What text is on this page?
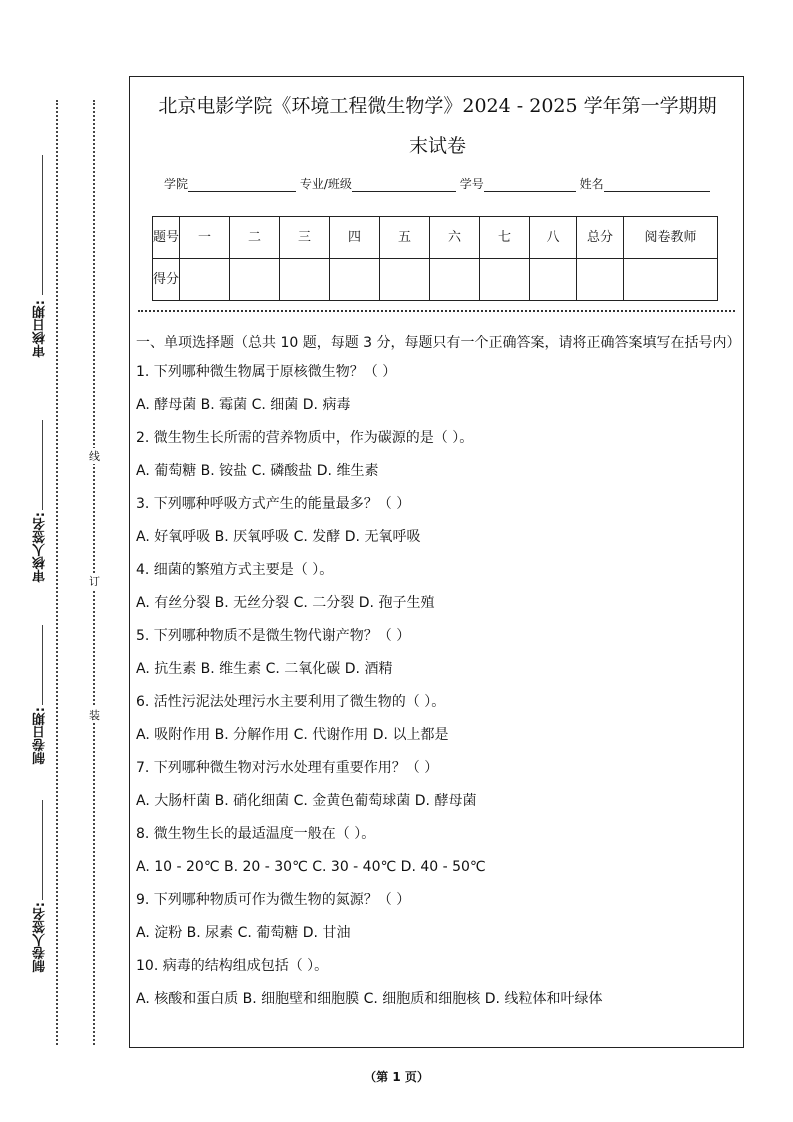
审核日期:
审核人签名:
制卷日期:
制卷人签名:
线
订
装
北京电影学院《环境工程微生物学》2024 - 2025 学年第一学期期
末试卷
学院	专业/班级	学号	姓名
题号	一	二	三	四	五	六	七	八	总分	阅卷教师
得分										

一、单项选择题（总共 10 题，每题 3 分，每题只有一个正确答案，请将正确答案填写在括号内）

1. 下列哪种微生物属于原核微生物？（ ）

A. 酵母菌 B. 霉菌 C. 细菌 D. 病毒

2. 微生物生长所需的营养物质中，作为碳源的是（ ）。

A. 葡萄糖 B. 铵盐 C. 磷酸盐 D. 维生素

3. 下列哪种呼吸方式产生的能量最多？（ ）

A. 好氧呼吸 B. 厌氧呼吸 C. 发酵 D. 无氧呼吸

4. 细菌的繁殖方式主要是（ ）。

A. 有丝分裂 B. 无丝分裂 C. 二分裂 D. 孢子生殖

5. 下列哪种物质不是微生物代谢产物？（ ）

A. 抗生素 B. 维生素 C. 二氧化碳 D. 酒精

6. 活性污泥法处理污水主要利用了微生物的（ ）。

A. 吸附作用 B. 分解作用 C. 代谢作用 D. 以上都是

7. 下列哪种微生物对污水处理有重要作用？（ ）

A. 大肠杆菌 B. 硝化细菌 C. 金黄色葡萄球菌 D. 酵母菌

8. 微生物生长的最适温度一般在（ ）。

A. 10 - 20℃ B. 20 - 30℃ C. 30 - 40℃ D. 40 - 50℃

9. 下列哪种物质可作为微生物的氮源？（ ）

A. 淀粉 B. 尿素 C. 葡萄糖 D. 甘油

10. 病毒的结构组成包括（ ）。

A. 核酸和蛋白质 B. 细胞壁和细胞膜 C. 细胞质和细胞核 D. 线粒体和叶绿体

（第 1 页）
